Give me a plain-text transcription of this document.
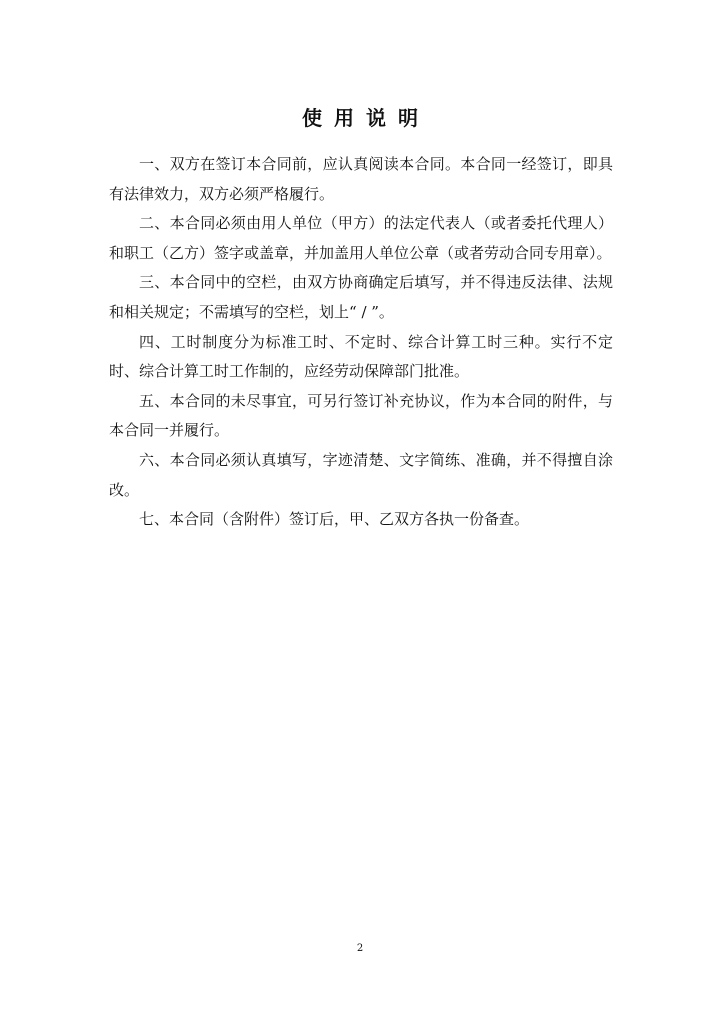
使用说明

一、双方在签订本合同前，应认真阅读本合同。本合同一经签订，即具有法律效力，双方必须严格履行。

二、本合同必须由用人单位（甲方）的法定代表人（或者委托代理人）和职工（乙方）签字或盖章，并加盖用人单位公章（或者劳动合同专用章）。

三、本合同中的空栏，由双方协商确定后填写，并不得违反法律、法规和相关规定；不需填写的空栏，划上“ / ”。

四、工时制度分为标准工时、不定时、综合计算工时三种。实行不定时、综合计算工时工作制的，应经劳动保障部门批准。

五、本合同的未尽事宜，可另行签订补充协议，作为本合同的附件，与本合同一并履行。

六、本合同必须认真填写，字迹清楚、文字简练、准确，并不得擅自涂改。

七、本合同（含附件）签订后，甲、乙双方各执一份备查。

2
